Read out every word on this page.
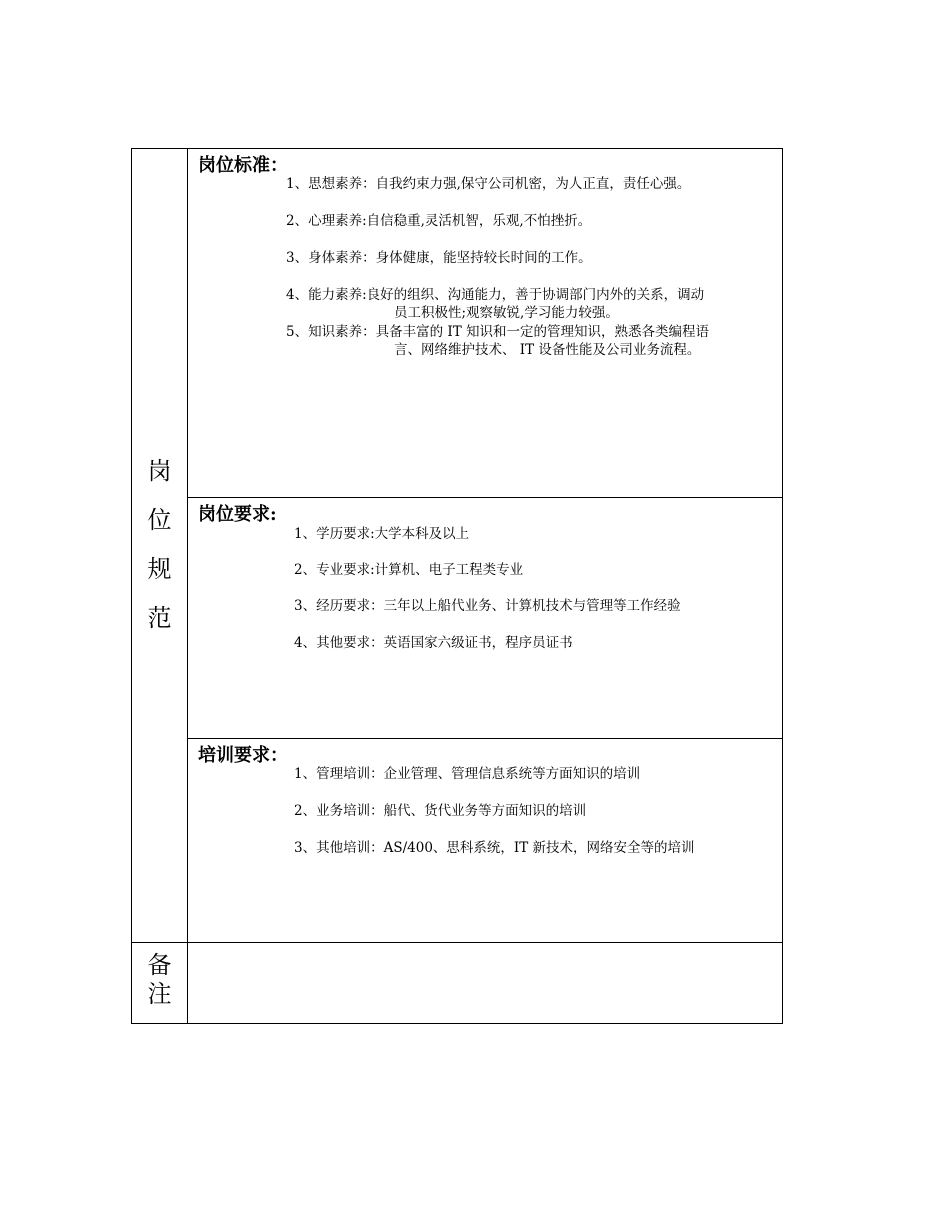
岗
位
规
范
备
注
岗位标准：
1、思想素养：自我约束力强,保守公司机密，为人正直，责任心强。
2、心理素养:自信稳重,灵活机智，乐观,不怕挫折。
3、身体素养：身体健康，能坚持较长时间的工作。
4、能力素养:良好的组织、沟通能力，善于协调部门内外的关系，调动
员工积极性;观察敏锐,学习能力较强。
5、知识素养：具备丰富的 IT 知识和一定的管理知识，熟悉各类编程语
言、网络维护技术、 IT 设备性能及公司业务流程。
岗位要求:
1、学历要求:大学本科及以上
2、专业要求:计算机、电子工程类专业
3、经历要求：三年以上船代业务、计算机技术与管理等工作经验
4、其他要求：英语国家六级证书，程序员证书
培训要求：
1、管理培训：企业管理、管理信息系统等方面知识的培训
2、业务培训：船代、货代业务等方面知识的培训
3、其他培训：AS/400、思科系统，IT 新技术，网络安全等的培训
